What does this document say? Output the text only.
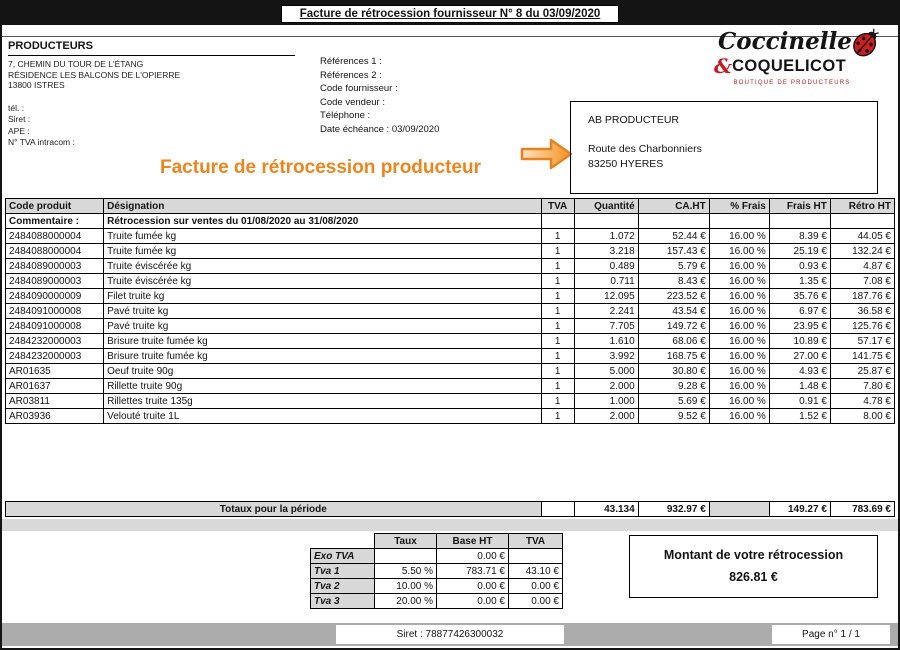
Facture de rétrocession fournisseur N° 8 du 03/09/2020
PRODUCTEURS
7, CHEMIN DU TOUR DE L'ÉTANG
RÉSIDENCE LES BALCONS DE L'OPIERRE
13800 ISTRES
tél. :
Siret :
APE :
N° TVA intracom :
Références 1 :
Références 2 :
Code fournisseur :
Code vendeur :
Téléphone :
Date échéance : 03/09/2020
Coccinelle
&COQUELICOT
BOUTIQUE DE PRODUCTEURS
Facture de rétrocession producteur
AB PRODUCTEUR
Route des Charbonniers
83250 HYERES
Code produit	Désignation	TVA	Quantité	CA.HT	% Frais	Frais HT	Rétro HT
Commentaire :	Rétrocession sur ventes du 01/08/2020 au 31/08/2020						
2484088000004	Truite fumée kg	1	1.072	52.44 €	16.00 %	8.39 €	44.05 €
2484088000004	Truite fumée kg	1	3.218	157.43 €	16.00 %	25.19 €	132.24 €
2484089000003	Truite éviscérée kg	1	0.489	5.79 €	16.00 %	0.93 €	4.87 €
2484089000003	Truite éviscérée kg	1	0.711	8.43 €	16.00 %	1.35 €	7.08 €
2484090000009	Filet truite kg	1	12.095	223.52 €	16.00 %	35.76 €	187.76 €
2484091000008	Pavé truite kg	1	2.241	43.54 €	16.00 %	6.97 €	36.58 €
2484091000008	Pavé truite kg	1	7.705	149.72 €	16.00 %	23.95 €	125.76 €
2484232000003	Brisure truite fumée kg	1	1.610	68.06 €	16.00 %	10.89 €	57.17 €
2484232000003	Brisure truite fumée kg	1	3.992	168.75 €	16.00 %	27.00 €	141.75 €
AR01635	Oeuf truite 90g	1	5.000	30.80 €	16.00 %	4.93 €	25.87 €
AR01637	Rillette truite 90g	1	2.000	9.28 €	16.00 %	1.48 €	7.80 €
AR03811	Rillettes truite 135g	1	1.000	5.69 €	16.00 %	0.91 €	4.78 €
AR03936	Velouté truite 1L	1	2.000	9.52 €	16.00 %	1.52 €	8.00 €
Totaux pour la période		43.134	932.97 €		149.27 €	783.69 €
	Taux	Base HT	TVA
Exo TVA		0.00 €	
Tva 1	5.50 %	783.71 €	43.10 €
Tva 2	10.00 %	0.00 €	0.00 €
Tva 3	20.00 %	0.00 €	0.00 €
Montant de votre rétrocession
826.81 €
Siret : 78877426300032	Page n° 1 / 1
